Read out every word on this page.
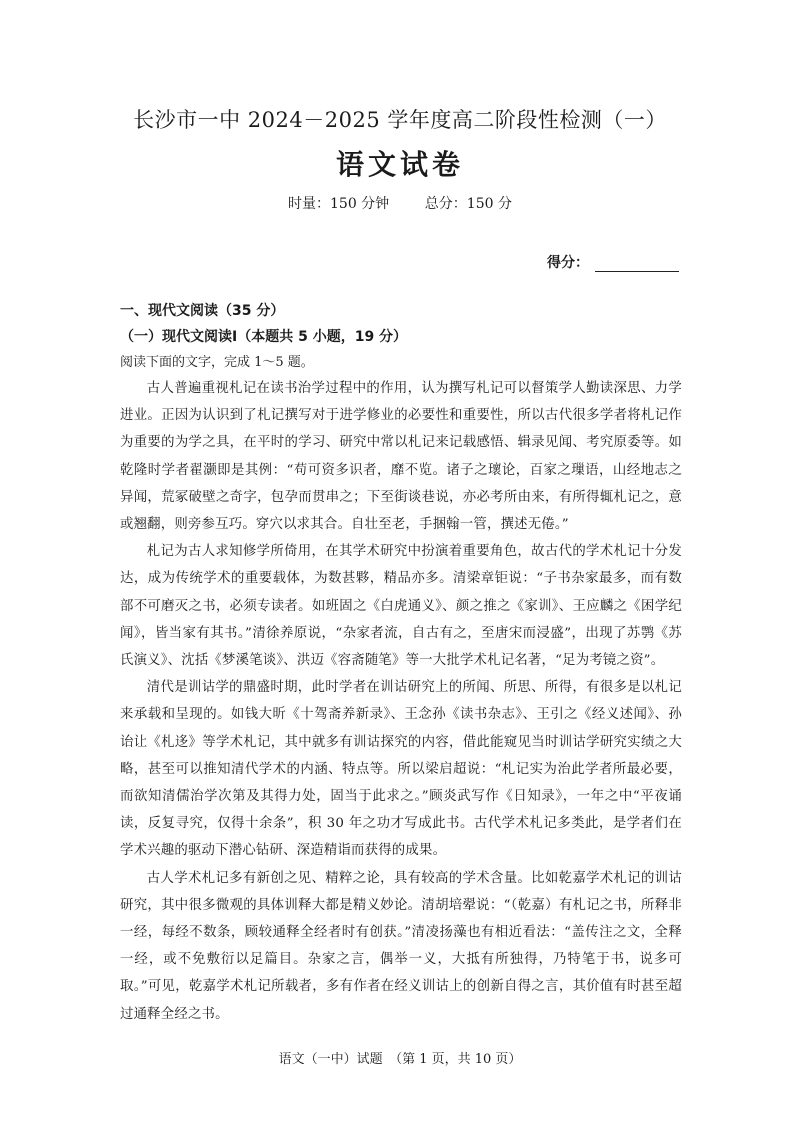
长沙市一中 2024－2025 学年度高二阶段性检测（一）
语文试卷
时量：150 分钟	总分：150 分
得分：
一、现代文阅读（35 分）
（一）现代文阅读Ⅰ（本题共 5 小题，19 分）
阅读下面的文字，完成 1～5 题。

古人普遍重视札记在读书治学过程中的作用，认为撰写札记可以督策学人勤读深思、力学进业。正因为认识到了札记撰写对于进学修业的必要性和重要性，所以古代很多学者将札记作为重要的为学之具，在平时的学习、研究中常以札记来记载感悟、辑录见闻、考究原委等。如乾隆时学者翟灏即是其例：“苟可资多识者，靡不览。诸子之瓌论，百家之璅语，山经地志之异闻，荒冢破壁之奇字，包孕而贯串之；下至街谈巷说，亦必考所由来，有所得辄札记之，意或翘翻，则旁参互巧。穿穴以求其合。自壮至老，手捆翰一管，撰述无倦。”

札记为古人求知修学所倚用，在其学术研究中扮演着重要角色，故古代的学术札记十分发达，成为传统学术的重要载体，为数甚夥，精品亦多。清梁章钜说：“子书杂家最多，而有数部不可磨灭之书，必须专读者。如班固之《白虎通义》、颜之推之《家训》、王应麟之《困学纪闻》，皆当家有其书。”清徐养原说，“杂家者流，自古有之，至唐宋而浸盛”，出现了苏鹗《苏氏演义》、沈括《梦溪笔谈》、洪迈《容斋随笔》等一大批学术札记名著，“足为考镜之资”。

清代是训诂学的鼎盛时期，此时学者在训诂研究上的所闻、所思、所得，有很多是以札记来承载和呈现的。如钱大昕《十驾斋养新录》、王念孙《读书杂志》、王引之《经义述闻》、孙诒让《札迻》等学术札记，其中就多有训诂探究的内容，借此能窥见当时训诂学研究实绩之大略，甚至可以推知清代学术的内涵、特点等。所以梁启超说：“札记实为治此学者所最必要，而欲知清儒治学次第及其得力处，固当于此求之。”顾炎武写作《日知录》，一年之中“平夜诵读，反复寻究，仅得十余条”，积 30 年之功才写成此书。古代学术札记多类此，是学者们在学术兴趣的驱动下潜心钻研、深造精诣而获得的成果。

古人学术札记多有新创之见、精粹之论，具有较高的学术含量。比如乾嘉学术札记的训诂研究，其中很多微观的具体训释大都是精义妙论。清胡培翚说：“（乾嘉）有札记之书，所释非一经，每经不数条，顾较通释全经者时有创获。”清凌扬藻也有相近看法：“盖传注之文，全释一经，或不免敷衍以足篇目。杂家之言，偶举一义，大抵有所独得，乃特笔于书，说多可取。”可见，乾嘉学术札记所载者，多有作者在经义训诂上的创新自得之言，其价值有时甚至超过通释全经之书。

语文（一中）试题　（第 1 页，共 10 页）
